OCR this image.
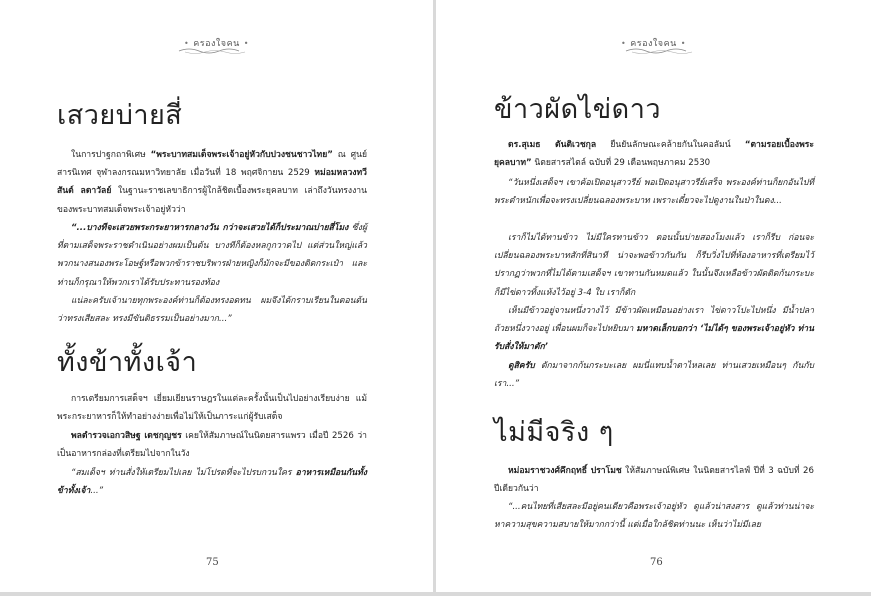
• ครองใจคน •
เสวยบ่ายสี่

ในการปาฐกถาพิเศษ “พระบาทสมเด็จพระเจ้าอยู่หัวกับปวงชนชาวไทย” ณ ศูนย์สารนิเทศ จุฬาลงกรณมหาวิทยาลัย เมื่อวันที่ 18 พฤศจิกายน 2529 หม่อมหลวงทวีสันต์ ลดาวัลย์ ในฐานะราชเลขาธิการผู้ใกล้ชิดเบื้องพระยุคลบาท เล่าถึงวันทรงงานของพระบาทสมเด็จพระเจ้าอยู่หัวว่า

“...บางทีจะเสวยพระกระยาหารกลางวัน กว่าจะเสวยได้ก็ประมาณบ่ายสี่โมง ซึ่งผู้ที่ตามเสด็จพระราชดำเนินอย่างผมเป็นต้น บางทีก็ต้องหลกูกวาดไป แต่ส่วนใหญ่แล้วพวกนางสนองพระโอษฐ์หรือพวกข้าราชบริพารฝ่ายหญิงก็มักจะมีของติดกระเป๋า และท่านก็กรุณาให้พวกเราได้รับประทานรองท้อง

แน่ละครับเจ้านายทุกพระองค์ท่านก็ต้องทรงอดทน ผมจึงได้กราบเรียนในตอนต้นว่าทรงเสียสละ ทรงมีขันติธรรมเป็นอย่างมาก...”

ทั้งข้าทั้งเจ้า

การเตรียมการเสด็จฯ เยี่ยมเยียนราษฎรในแต่ละครั้งนั้นเป็นไปอย่างเรียบง่าย แม้พระกระยาหารก็ให้ทำอย่างง่ายเพื่อไม่ให้เป็นภาระแก่ผู้รับเสด็จ

พลตำรวจเอกวสิษฐ เดชกุญชร เคยให้สัมภาษณ์ในนิตยสารแพรว เมื่อปี 2526 ว่าเป็นอาหารกล่องที่เตรียมไปจากในวัง

“สมเด็จฯ ท่านสั่งให้เตรียมไปเลย ไม่โปรดที่จะไปรบกวนใคร อาหารเหมือนกันทั้งข้าทั้งเจ้า...”

75
• ครองใจคน •
ข้าวผัดไข่ดาว

ดร.สุเมธ ตันติเวชกุล ยืนยันลักษณะคล้ายกันในคอลัมน์ “ตามรอยเบื้องพระยุคลบาท” นิตยสารสไตล์ ฉบับที่ 29 เดือนพฤษภาคม 2530

“วันหนึ่งเสด็จฯ เขาค้อเปิดอนุสาวรีย์ พอเปิดอนุสาวรีย์เสร็จ พระองค์ท่านก็ยกอันไปที่พระตำหนักเพื่อจะทรงเปลี่ยนฉลองพระบาท เพราะเดี๋ยวจะไปดูงานในป่าในดง...

เราก็ไม่ได้ทานข้าว ไม่มีใครทานข้าว ตอนนั้นบ่ายสองโมงแล้ว เราก็รีบ ก่อนจะเปลี่ยนฉลองพระบาทสักที่สินาที น่าจะพอข้าวกันกัน ก็รีบวิ่งไปที่ห้องอาหารที่เตรียมไว้ ปรากฏว่าพวกที่ไม่ได้ตามเสด็จฯ เขาทานกันหมดแล้ว ในนั้นจึงเหลือข้าวผัดติดก้นกระบะ ก็มีไข่ดาวทิ้งแห้งไว้อยู่ 3-4 ใบ เราก็ตัก

เห็นมีข้าวอยู่จานหนึ่งวางไว้ มีข้าวผัดเหมือนอย่างเรา ไข่ดาวโปะไปหนึ่ง มีน้ำปลาถ้วยหนึ่งวางอยู่ เพื่อนผมก็จะไปหยิบมา มหาดเล็กบอกว่า ‘ไม่ได้ๆ ของพระเจ้าอยู่หัว ท่านรับสั่งให้มาตัก’

ดูสิครับ ตักมาจากก้นกระบะเลย ผมนี่แทบน้ำตาไหลเลย ท่านเสวยเหมือนๆ กันกับเรา...”

ไม่มีจริง ๆ

หม่อมราชวงศ์คึกฤทธิ์ ปราโมช ให้สัมภาษณ์พิเศษ ในนิตยสารไลฟ์ ปีที่ 3 ฉบับที่ 26 ปีเดียวกันว่า

“...คนไทยที่เสียสละมีอยู่คนเดียวคือพระเจ้าอยู่หัว ดูแล้วน่าสงสาร ดูแล้วท่านน่าจะหาความสุขความสบายให้มากกว่านี้ แต่เมื่อใกล้ชิดท่านนะ เห็นว่าไม่มีเลย

76
